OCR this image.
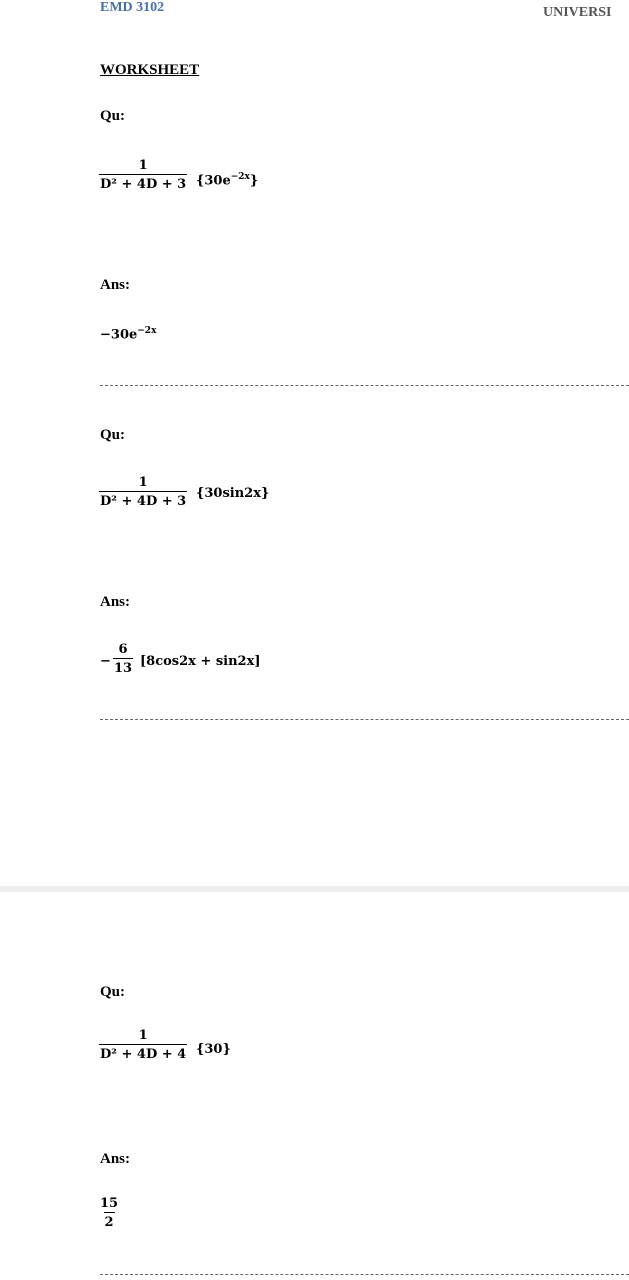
EMD 3102	UNIVERSI
WORKSHEET
Qu:
$\frac{1}{\text{D² + 4D + 3}} \{30e^{-2x}\}$
Ans:
$-30e^{-2x}$
Qu:
$\frac{1}{\text{D² + 4D + 3}} \{30\sin 2x\}$
Ans:
− $\frac{6}{13} [8\cos 2x + \sin 2x]$
Qu:
$\frac{1}{\text{D² + 4D + 4}} \{30\}$
Ans:
$\frac{15}{2}$
